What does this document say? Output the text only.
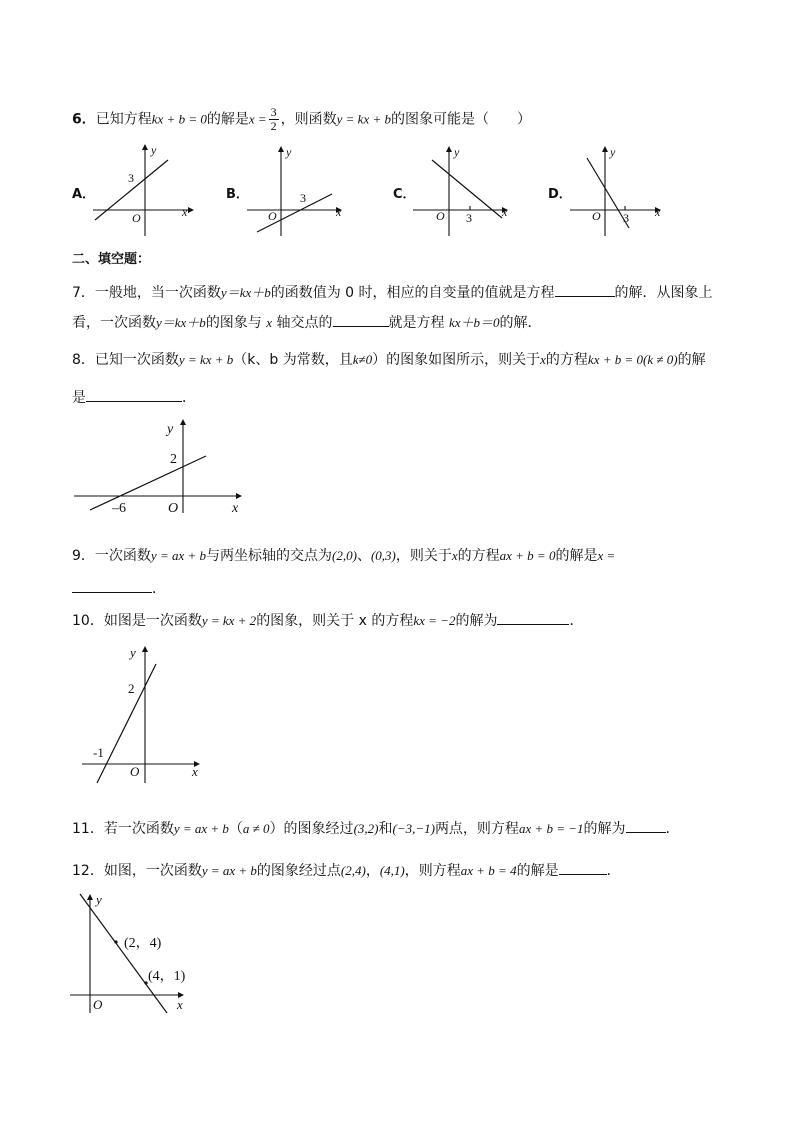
6．已知方程kx + b = 0的解是$x = \frac{3}{2}$ ，则函数y = kx + b的图象可能是（　　）
A．
3
O	x
y
B．	3
O	x
y
C．
3
O	x
y
D．
3
O	x
y
二、填空题：
7．一般地，当一次函数y＝kx＋b的函数值为 0 时，相应的自变量的值就是方程	的解．从图象上
看，一次函数y＝kx＋b的图象与 x 轴交点的	就是方程 kx＋b＝0的解．
8．已知一次函数y = kx + b（k、b 为常数，且k≠0）的图象如图所示，则关于x的方程kx + b = 0(k ≠ 0)的解
是	．
2
–6	O	x
y
9．一次函数y = ax + b与两坐标轴的交点为(2,0)、(0,3)，则关于x的方程ax + b = 0的解是x =
．
10．如图是一次函数y = kx + 2的图象，则关于 x 的方程kx = −2的解为	．
2
-1
O	x
y
11．若一次函数y = ax + b（a ≠ 0）的图象经过(3,2)和(−3,−1)两点，则方程ax + b = −1的解为	.
12．如图，一次函数y = ax + b的图象经过点(2,4)，(4,1)，则方程ax + b = 4的解是	．
(2，4)
(4，1)
O	x
y
